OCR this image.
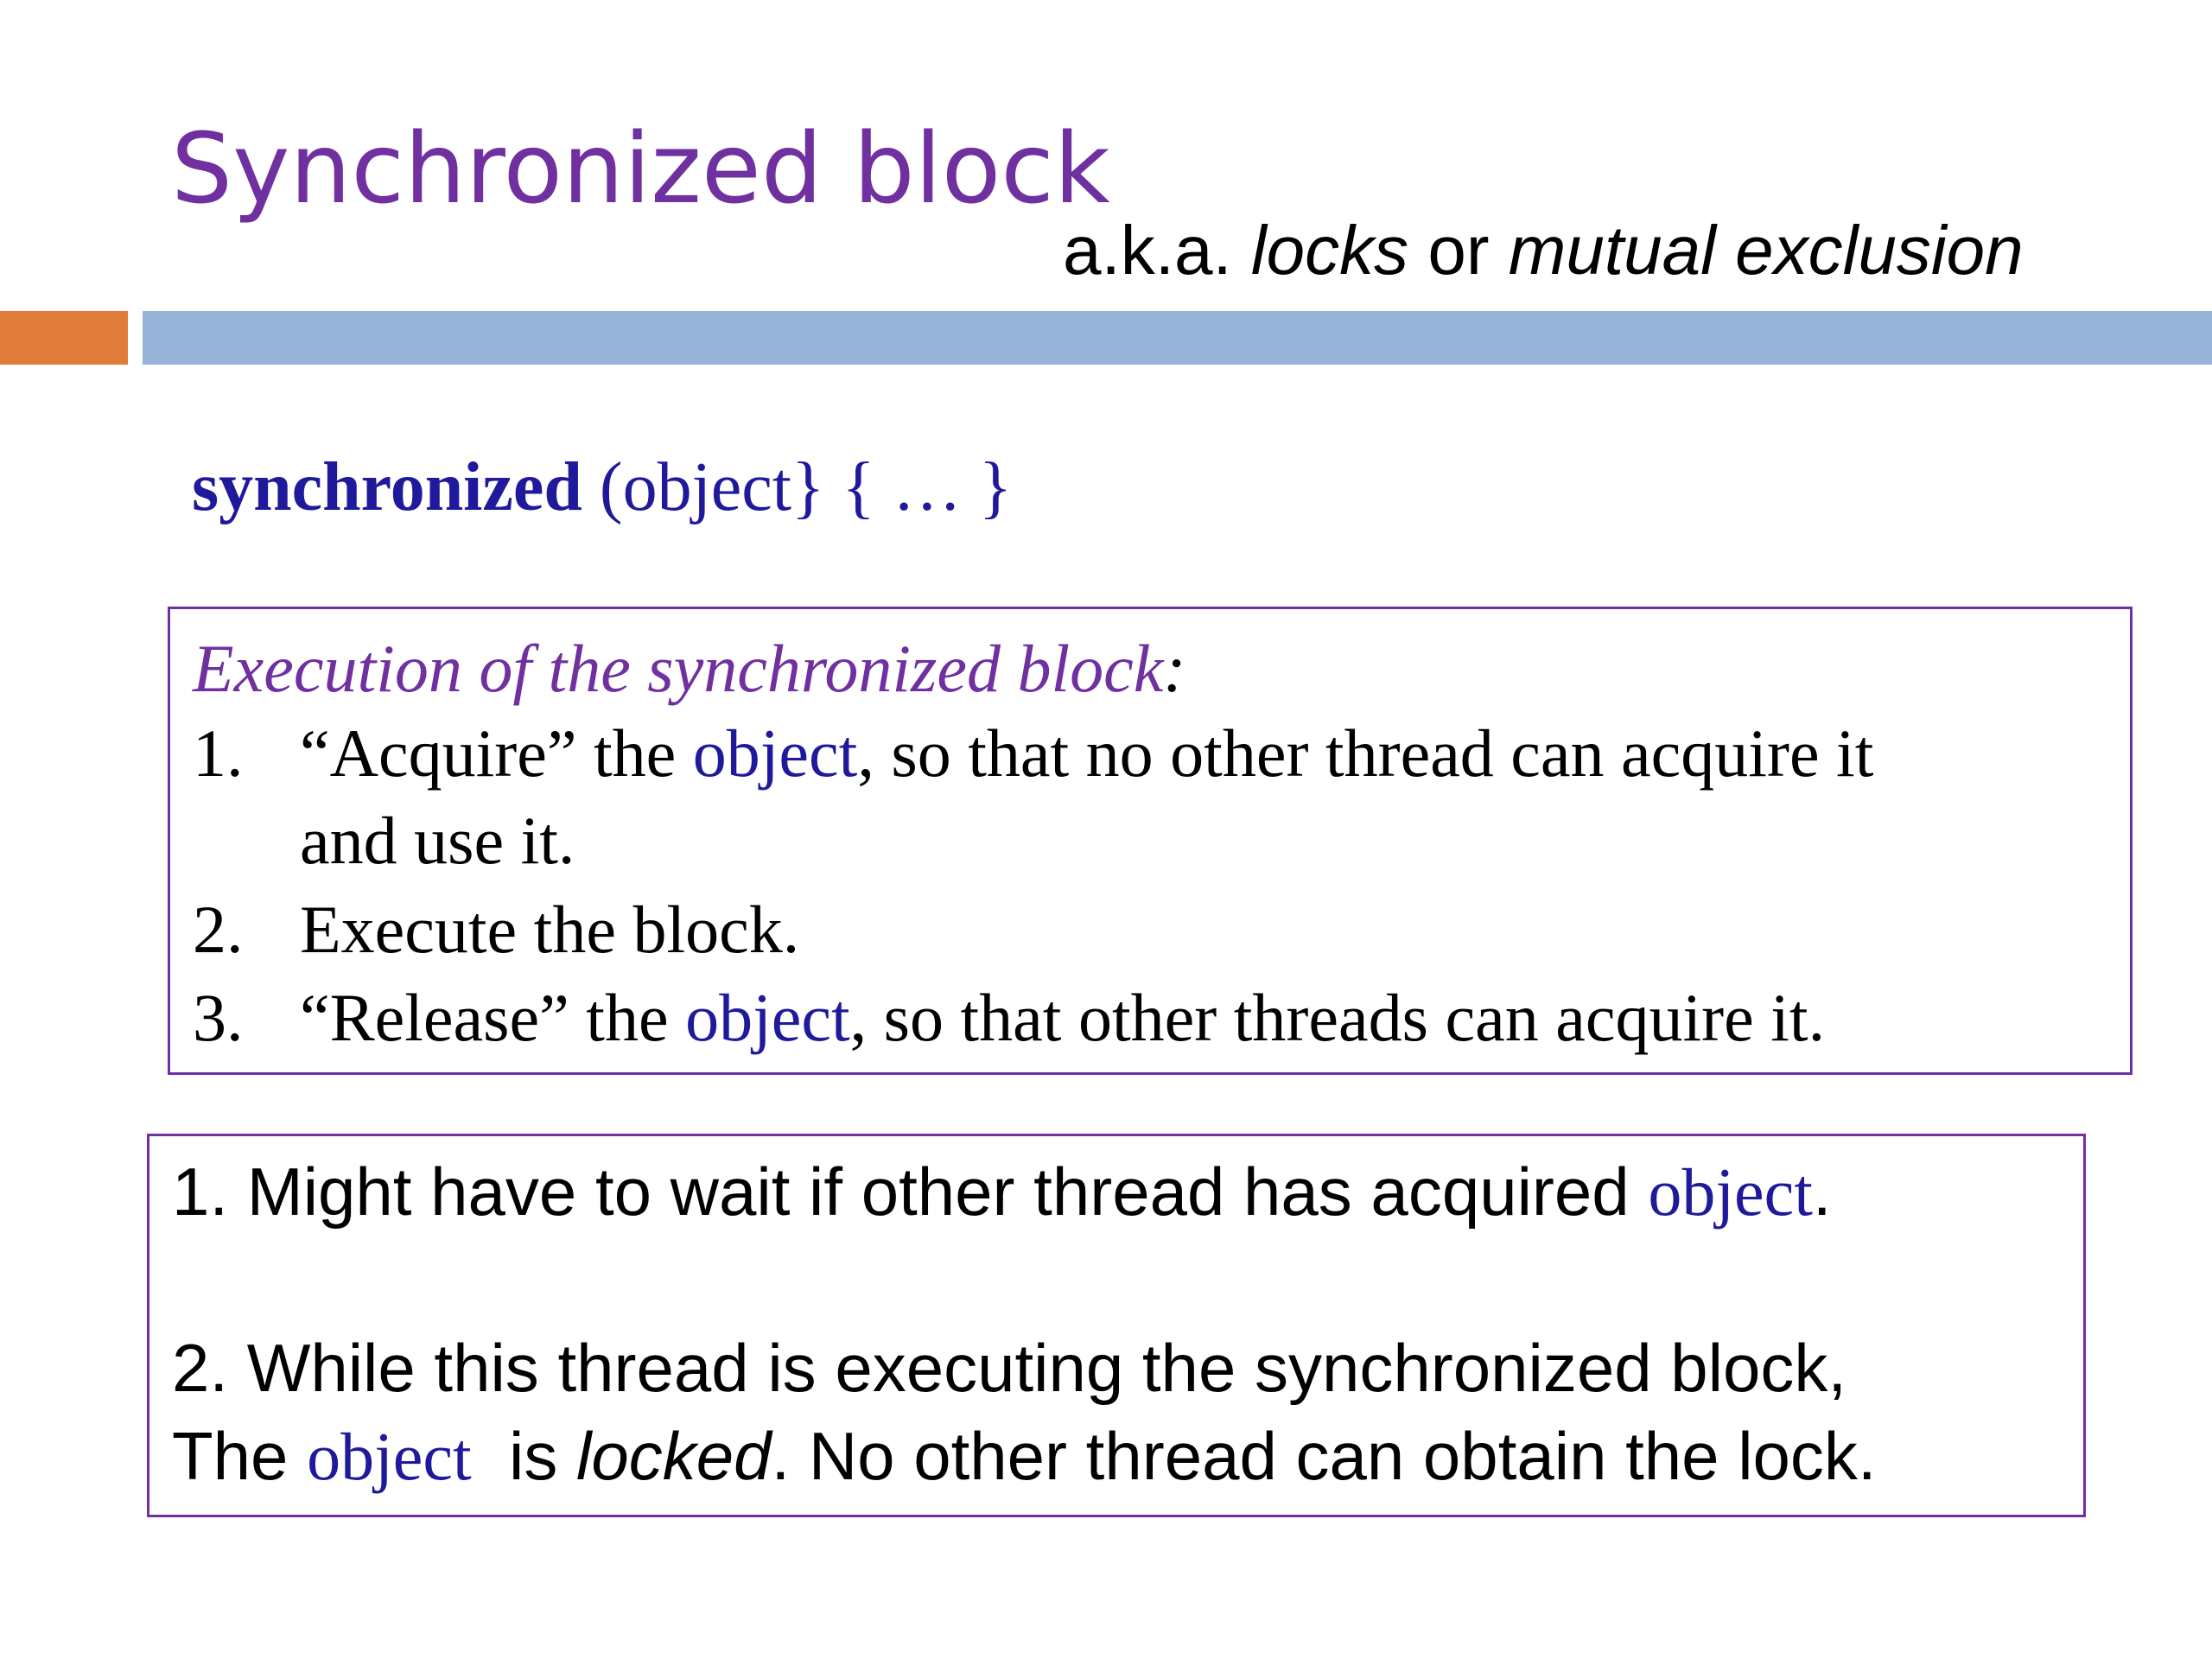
Synchronized block
a.k.a. locks or mutual exclusion
synchronized (object} { … }
Execution of the synchronized block:
1. “Acquire” the object, so that no other thread can acquire it
and use it.
2. Execute the block.
3. “Release” the object, so that other threads can acquire it.
1. Might have to wait if other thread has acquired object.
2. While this thread is executing the synchronized block,
The object  is locked. No other thread can obtain the lock.
